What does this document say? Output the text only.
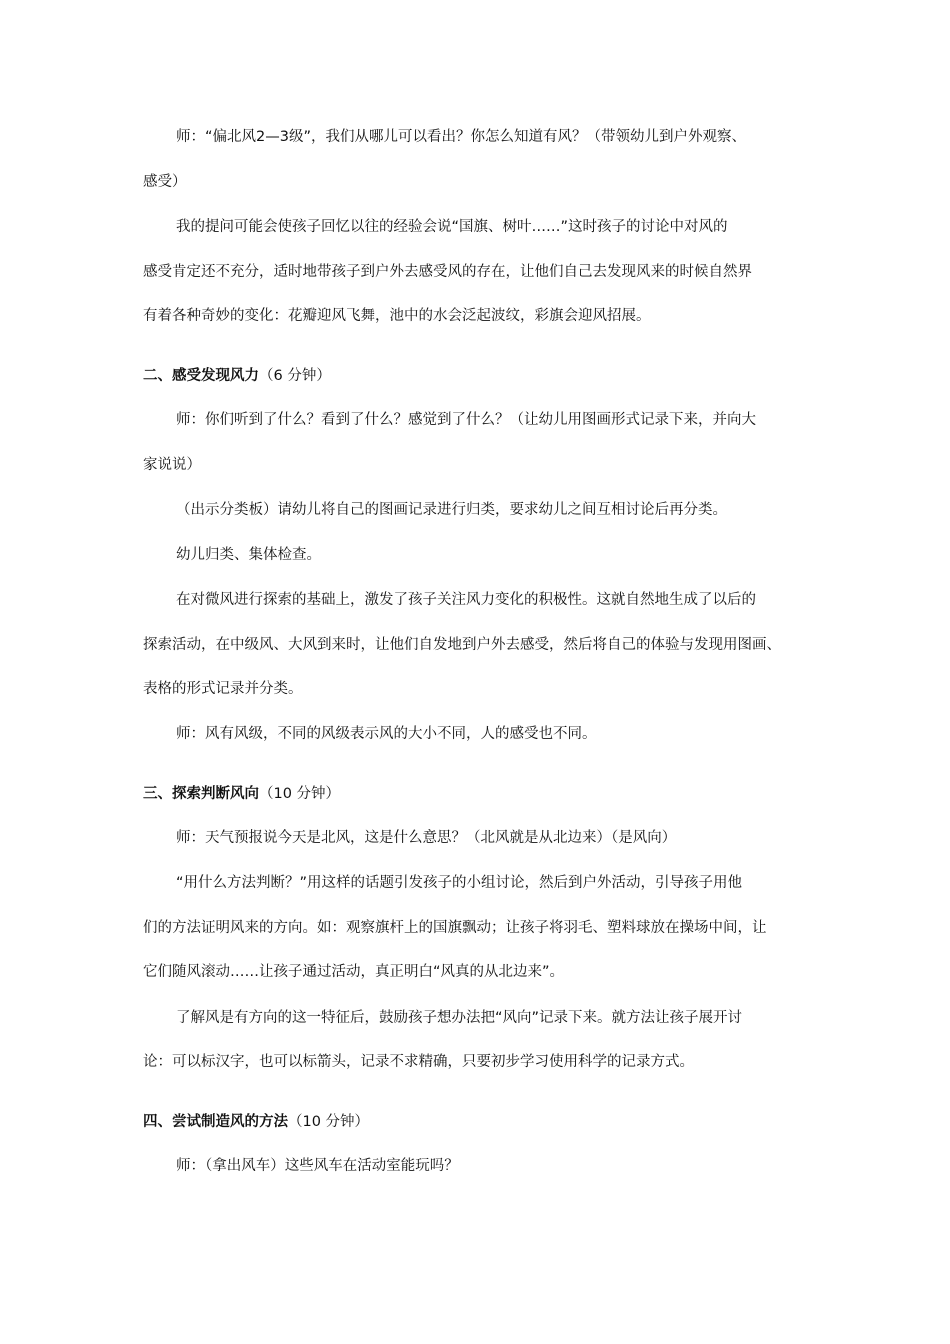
师：“偏北风2—3级”，我们从哪儿可以看出？你怎么知道有风？（带领幼儿到户外观察、

感受）

我的提问可能会使孩子回忆以往的经验会说“国旗、树叶……”这时孩子的讨论中对风的

感受肯定还不充分，适时地带孩子到户外去感受风的存在，让他们自己去发现风来的时候自然界

有着各种奇妙的变化：花瓣迎风飞舞，池中的水会泛起波纹，彩旗会迎风招展。

二、感受发现风力（6 分钟）

师：你们听到了什么？看到了什么？感觉到了什么？（让幼儿用图画形式记录下来，并向大

家说说）

（出示分类板）请幼儿将自己的图画记录进行归类，要求幼儿之间互相讨论后再分类。

幼儿归类、集体检查。

在对微风进行探索的基础上，激发了孩子关注风力变化的积极性。这就自然地生成了以后的

探索活动，在中级风、大风到来时，让他们自发地到户外去感受，然后将自己的体验与发现用图画、

表格的形式记录并分类。

师：风有风级，不同的风级表示风的大小不同，人的感受也不同。

三、探索判断风向（10 分钟）

师：天气预报说今天是北风，这是什么意思？（北风就是从北边来）（是风向）

“用什么方法判断？”用这样的话题引发孩子的小组讨论，然后到户外活动，引导孩子用他

们的方法证明风来的方向。如：观察旗杆上的国旗飘动；让孩子将羽毛、塑料球放在操场中间，让

它们随风滚动……让孩子通过活动，真正明白“风真的从北边来”。

了解风是有方向的这一特征后，鼓励孩子想办法把“风向”记录下来。就方法让孩子展开讨

论：可以标汉字，也可以标箭头，记录不求精确，只要初步学习使用科学的记录方式。

四、尝试制造风的方法（10 分钟）

师：（拿出风车）这些风车在活动室能玩吗？
